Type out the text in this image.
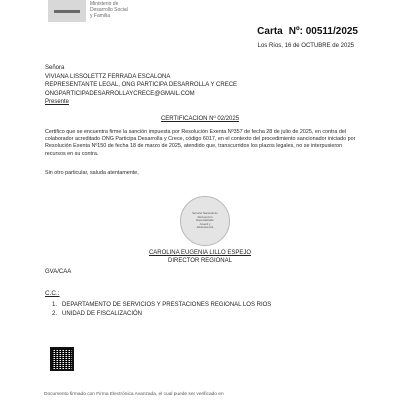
Ministerio de
Desarrollo Social
y Familia
Carta Nº: 00511/2025
Los Ríos, 16 de OCTUBRE de 2025
Señora
VIVIANA LISSOLETTZ FERRADA ESCALONA
REPRESENTANTE LEGAL, ONG PARTICIPA DESARROLLA Y CRECE
ONGPARTICIPADESARROLLAYCRECE@GMAIL.COM
Presente
CERTIFICACION Nº 02/2025
Certifico que se encuentra firme la sanción impuesta por Resolución Exenta Nº357 de fecha 28 de julio de 2025, en contra del colaborador acreditado ONG Participa Desarrolla y Crece, código 6017, en el contexto del procedimiento sancionador iniciado por Resolución Exenta Nº150 de fecha 18 de marzo de 2025, atendido que, transcurridos los plazos legales, no se interpusieron recursos en su contra.
Sin otro particular, saluda atentamente,
Servicio Nacional de
Reinserción
Especializada
Juvenil y
Adolescencia
CAROLINA EUGENIA LILLO ESPEJO
DIRECTOR REGIONAL
GVA/CAA
C.C.:
1. DEPARTAMENTO DE SERVICIOS Y PRESTACIONES REGIONAL LOS RIOS
2. UNIDAD DE FISCALIZACIÓN
Documento firmado con Firma Electrónica Avanzada, el cual puede ser verificado en
